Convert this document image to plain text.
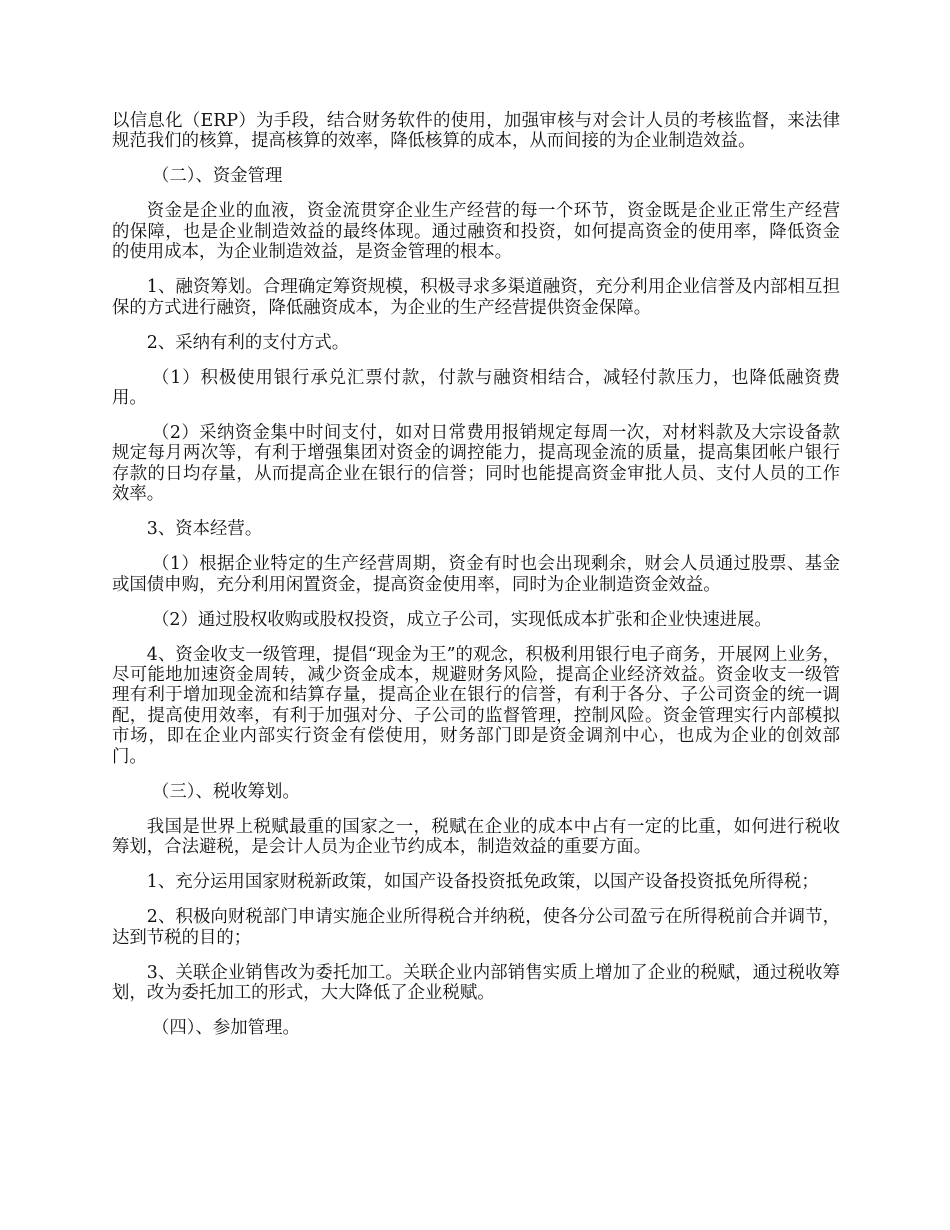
以信息化（ERP）为手段，结合财务软件的使用，加强审核与对会计人员的考核监督，来法律规范我们的核算，提高核算的效率，降低核算的成本，从而间接的为企业制造效益。

（二）、资金管理

资金是企业的血液，资金流贯穿企业生产经营的每一个环节，资金既是企业正常生产经营的保障，也是企业制造效益的最终体现。通过融资和投资，如何提高资金的使用率，降低资金的使用成本，为企业制造效益，是资金管理的根本。

1、融资筹划。合理确定筹资规模，积极寻求多渠道融资，充分利用企业信誉及内部相互担保的方式进行融资，降低融资成本，为企业的生产经营提供资金保障。

2、采纳有利的支付方式。

（1）积极使用银行承兑汇票付款，付款与融资相结合，减轻付款压力，也降低融资费用。

（2）采纳资金集中时间支付，如对日常费用报销规定每周一次，对材料款及大宗设备款规定每月两次等，有利于增强集团对资金的调控能力，提高现金流的质量，提高集团帐户银行存款的日均存量，从而提高企业在银行的信誉；同时也能提高资金审批人员、支付人员的工作效率。

3、资本经营。

（1）根据企业特定的生产经营周期，资金有时也会出现剩余，财会人员通过股票、基金或国债申购，充分利用闲置资金，提高资金使用率，同时为企业制造资金效益。

（2）通过股权收购或股权投资，成立子公司，实现低成本扩张和企业快速进展。

4、资金收支一级管理，提倡“现金为王”的观念，积极利用银行电子商务，开展网上业务，尽可能地加速资金周转，减少资金成本，规避财务风险，提高企业经济效益。资金收支一级管理有利于增加现金流和结算存量，提高企业在银行的信誉，有利于各分、子公司资金的统一调配，提高使用效率，有利于加强对分、子公司的监督管理，控制风险。资金管理实行内部模拟市场，即在企业内部实行资金有偿使用，财务部门即是资金调剂中心，也成为企业的创效部门。

（三）、税收筹划。

我国是世界上税赋最重的国家之一，税赋在企业的成本中占有一定的比重，如何进行税收筹划，合法避税，是会计人员为企业节约成本，制造效益的重要方面。

1、充分运用国家财税新政策，如国产设备投资抵免政策，以国产设备投资抵免所得税；

2、积极向财税部门申请实施企业所得税合并纳税，使各分公司盈亏在所得税前合并调节，达到节税的目的；

3、关联企业销售改为委托加工。关联企业内部销售实质上增加了企业的税赋，通过税收筹划，改为委托加工的形式，大大降低了企业税赋。

（四）、参加管理。
